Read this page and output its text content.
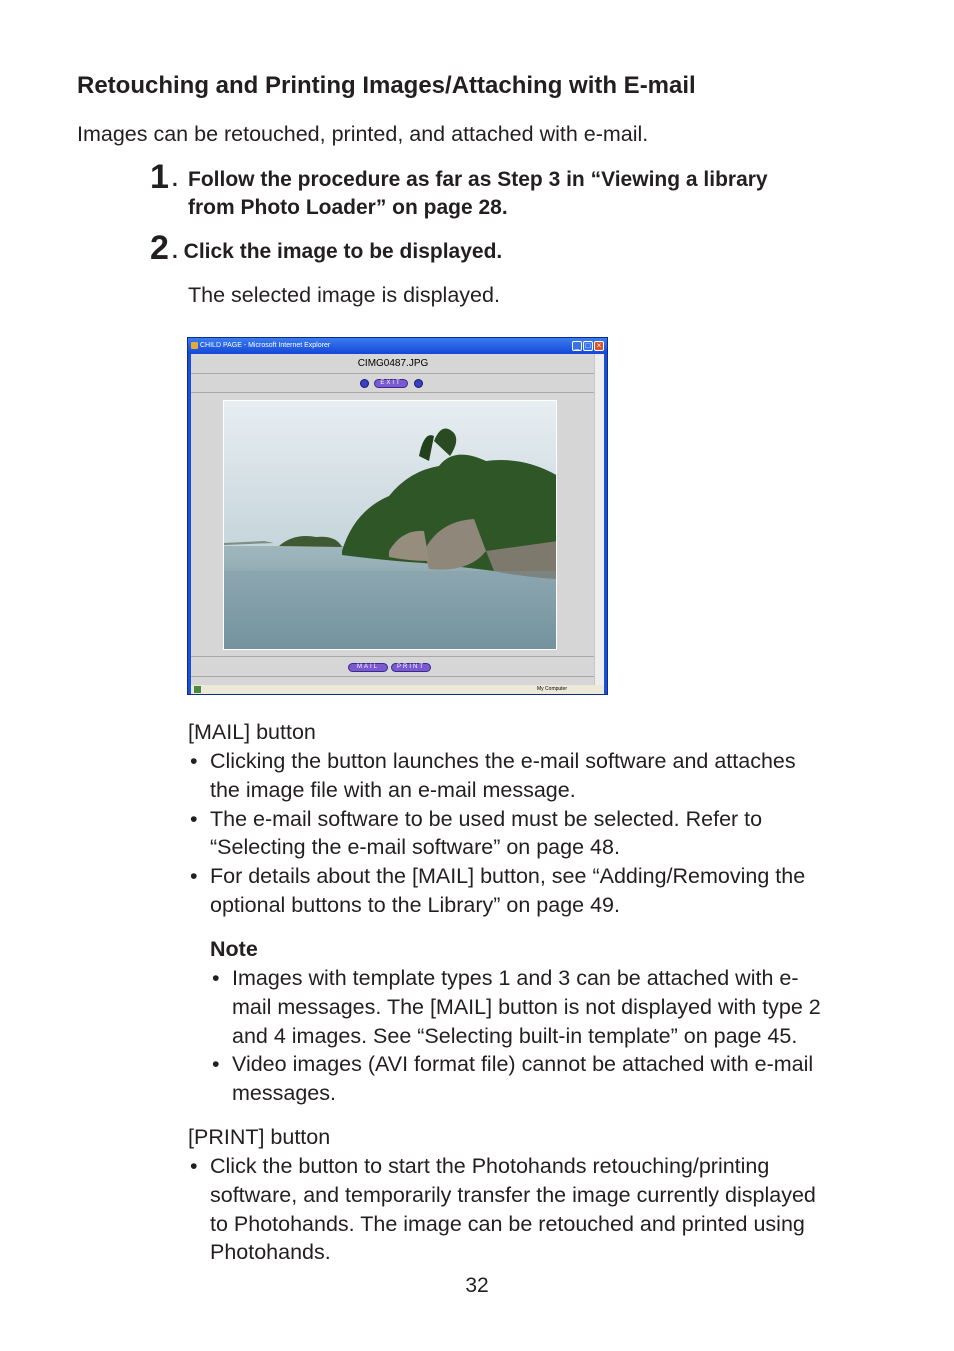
Retouching and Printing Images/Attaching with E-mail
Images can be retouched, printed, and attached with e-mail.
1 . Follow the procedure as far as Step 3 in “Viewing a library
from Photo Loader” on page 28.
2 . Click the image to be displayed.
The selected image is displayed.
CHILD PAGE - Microsoft Internet Explorer	_ □ ×
CIMG0487.JPG
EXIT
MAIL	PRINT
My Computer
[MAIL] button
• Clicking the button launches the e-mail software and attaches
the image file with an e-mail message.
• The e-mail software to be used must be selected. Refer to
“Selecting the e-mail software” on page 48.
• For details about the [MAIL] button, see “Adding/Removing the
optional buttons to the Library” on page 49.
Note
• Images with template types 1 and 3 can be attached with e-
mail messages. The [MAIL] button is not displayed with type 2
and 4 images. See “Selecting built-in template” on page 45.
• Video images (AVI format file) cannot be attached with e-mail
messages.
[PRINT] button
• Click the button to start the Photohands retouching/printing
software, and temporarily transfer the image currently displayed
to Photohands. The image can be retouched and printed using
Photohands.
32
